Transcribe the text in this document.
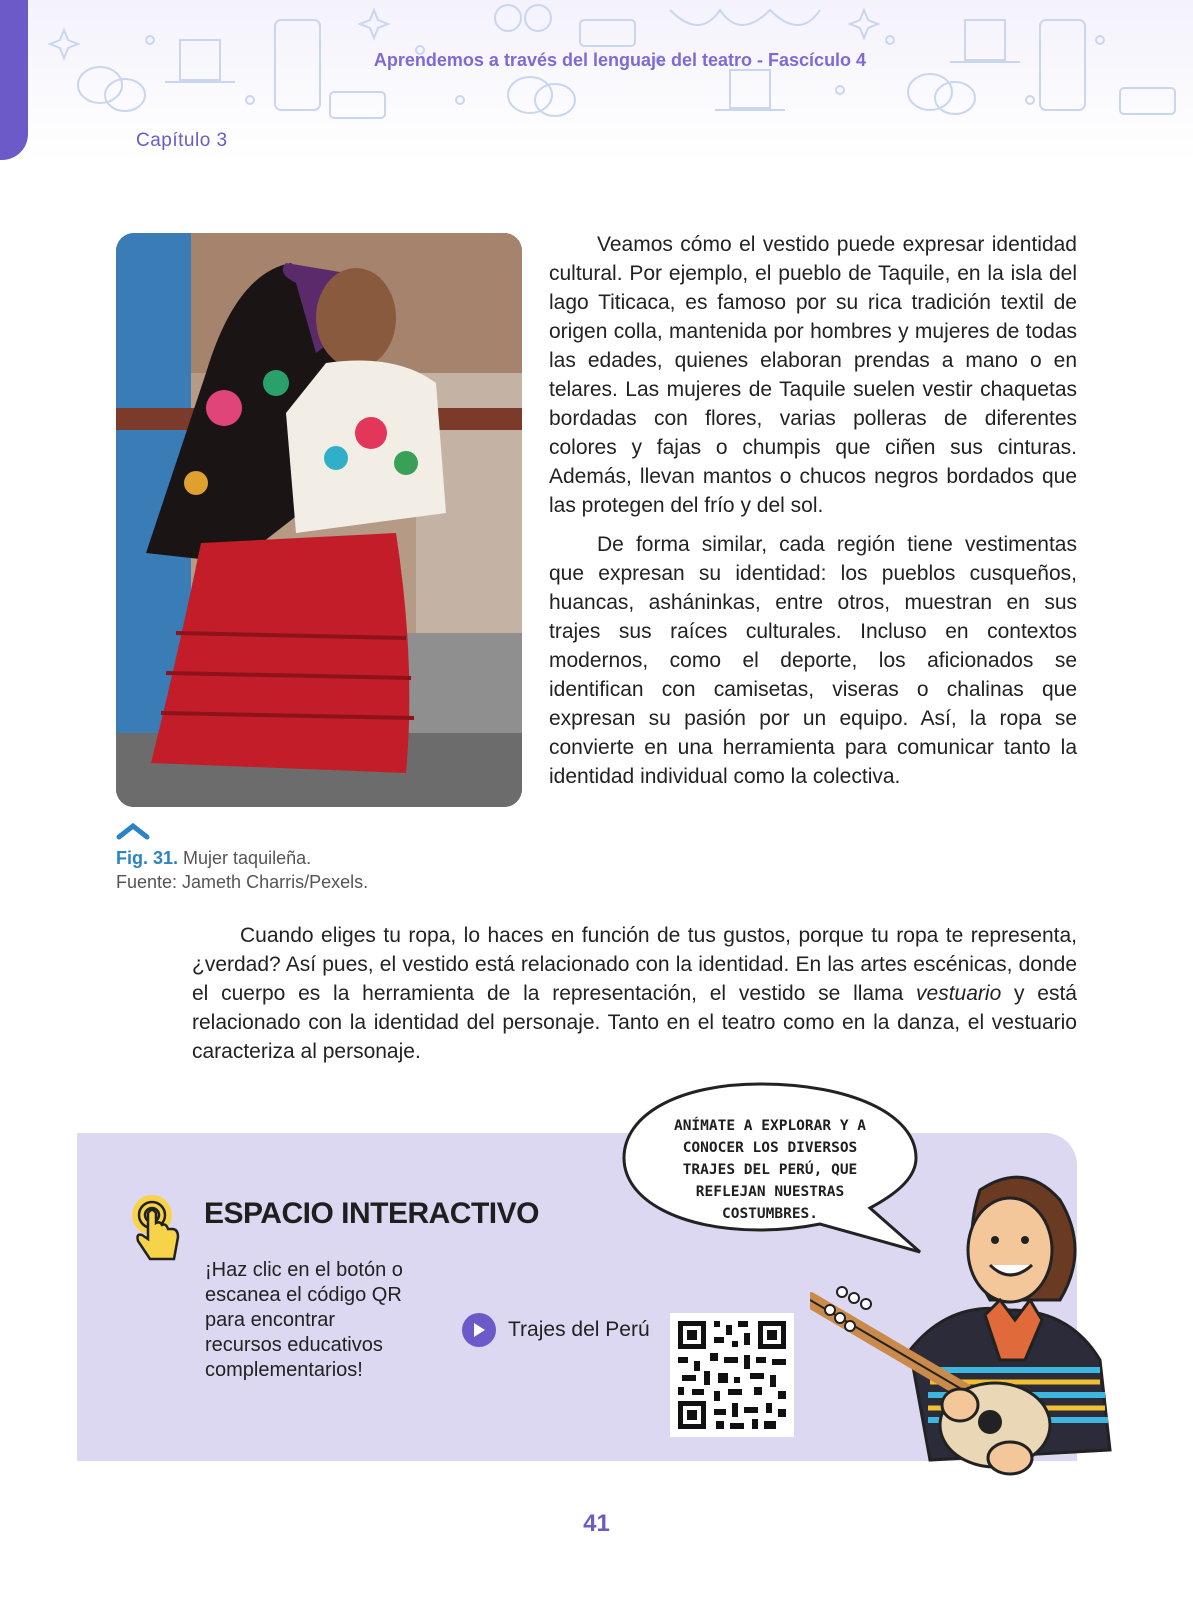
Aprendemos a través del lenguaje del teatro - Fascículo 4
Capítulo 3
Fig. 31. Mujer taquileña.
Fuente: Jameth Charris/Pexels.

Veamos cómo el vestido puede expresar identidad cultural. Por ejemplo, el pueblo de Taquile, en la isla del lago Titicaca, es famoso por su rica tradición textil de origen colla, mantenida por hombres y mujeres de todas las edades, quienes elaboran prendas a mano o en telares. Las mujeres de Taquile suelen vestir chaquetas bordadas con flores, varias polleras de diferentes colores y fajas o chumpis que ciñen sus cinturas. Además, llevan mantos o chucos negros bordados que las protegen del frío y del sol.

De forma similar, cada región tiene vestimentas que expresan su identidad: los pueblos cusqueños, huancas, asháninkas, entre otros, muestran en sus trajes sus raíces culturales. Incluso en contextos modernos, como el deporte, los aficionados se identifican con camisetas, viseras o chalinas que expresan su pasión por un equipo. Así, la ropa se convierte en una herramienta para comunicar tanto la identidad individual como la colectiva.

Cuando eliges tu ropa, lo haces en función de tus gustos, porque tu ropa te representa, ¿verdad? Así pues, el vestido está relacionado con la identidad. En las artes escénicas, donde el cuerpo es la herramienta de la representación, el vestido se llama vestuario y está relacionado con la identidad del personaje. Tanto en el teatro como en la danza, el vestuario caracteriza al personaje.

ESPACIO INTERACTIVO
¡Haz clic en el botón o escanea el código QR para encontrar recursos educativos complementarios!
Trajes del Perú
ANÍMATE A EXPLORAR Y A CONOCER LOS DIVERSOS TRAJES DEL PERÚ, QUE REFLEJAN NUESTRAS COSTUMBRES.
41
